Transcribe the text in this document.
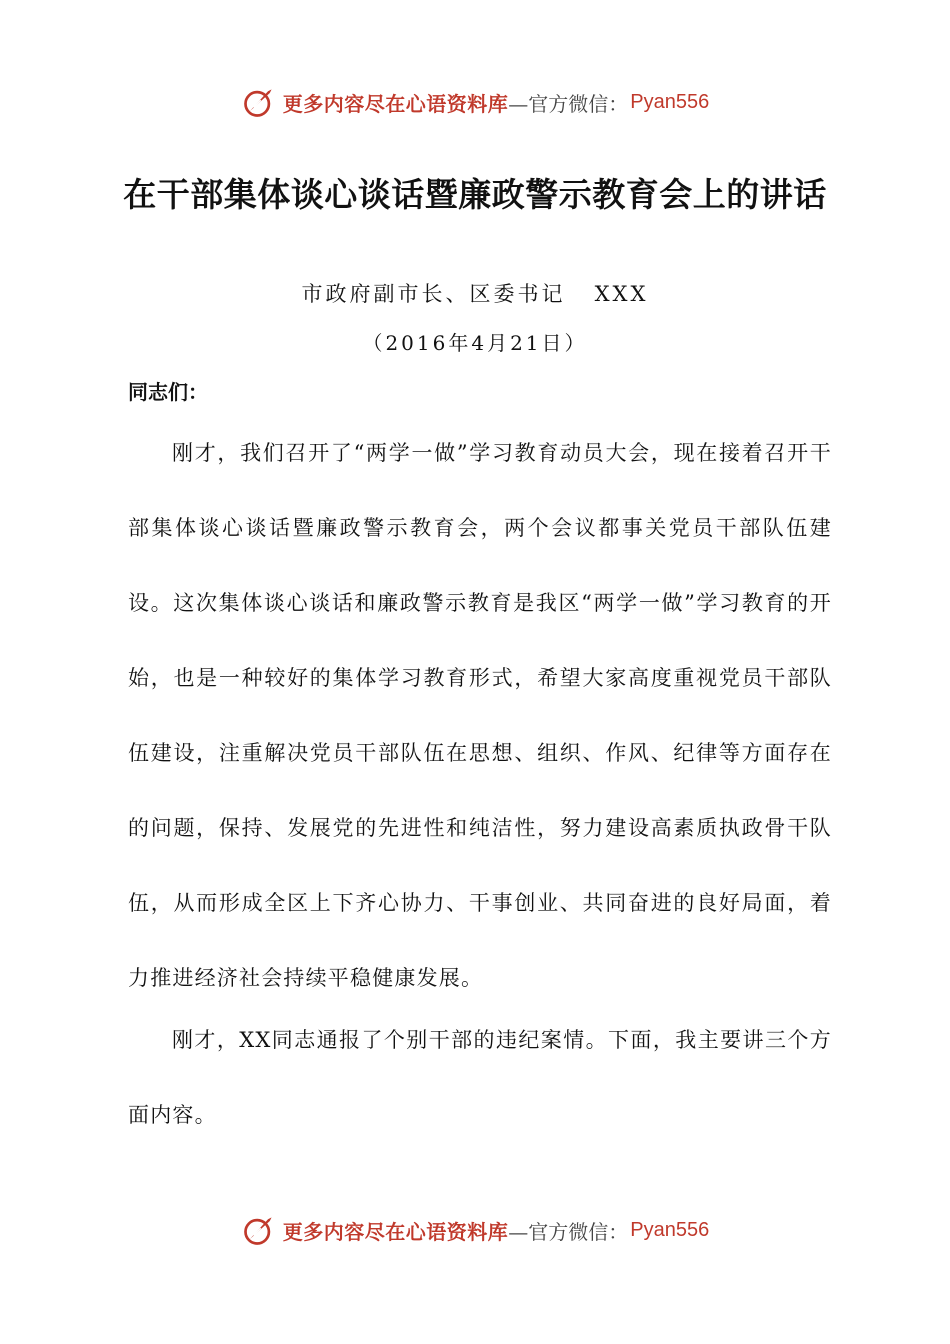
更多内容尽在心语资料库 —官方微信： Pyan556
在干部集体谈心谈话暨廉政警示教育会上的讲话
市政府副市长、区委书记   XXX
（2016年4月21日）
同志们：
刚才，我们召开了“两学一做”学习教育动员大会，现在接着召开干部集体谈心谈话暨廉政警示教育会，两个会议都事关党员干部队伍建设。这次集体谈心谈话和廉政警示教育是我区“两学一做”学习教育的开始，也是一种较好的集体学习教育形式，希望大家高度重视党员干部队伍建设，注重解决党员干部队伍在思想、组织、作风、纪律等方面存在的问题，保持、发展党的先进性和纯洁性，努力建设高素质执政骨干队伍，从而形成全区上下齐心协力、干事创业、共同奋进的良好局面，着力推进经济社会持续平稳健康发展。
刚才，XX同志通报了个别干部的违纪案情。下面，我主要讲三个方面内容。
更多内容尽在心语资料库 —官方微信： Pyan556
